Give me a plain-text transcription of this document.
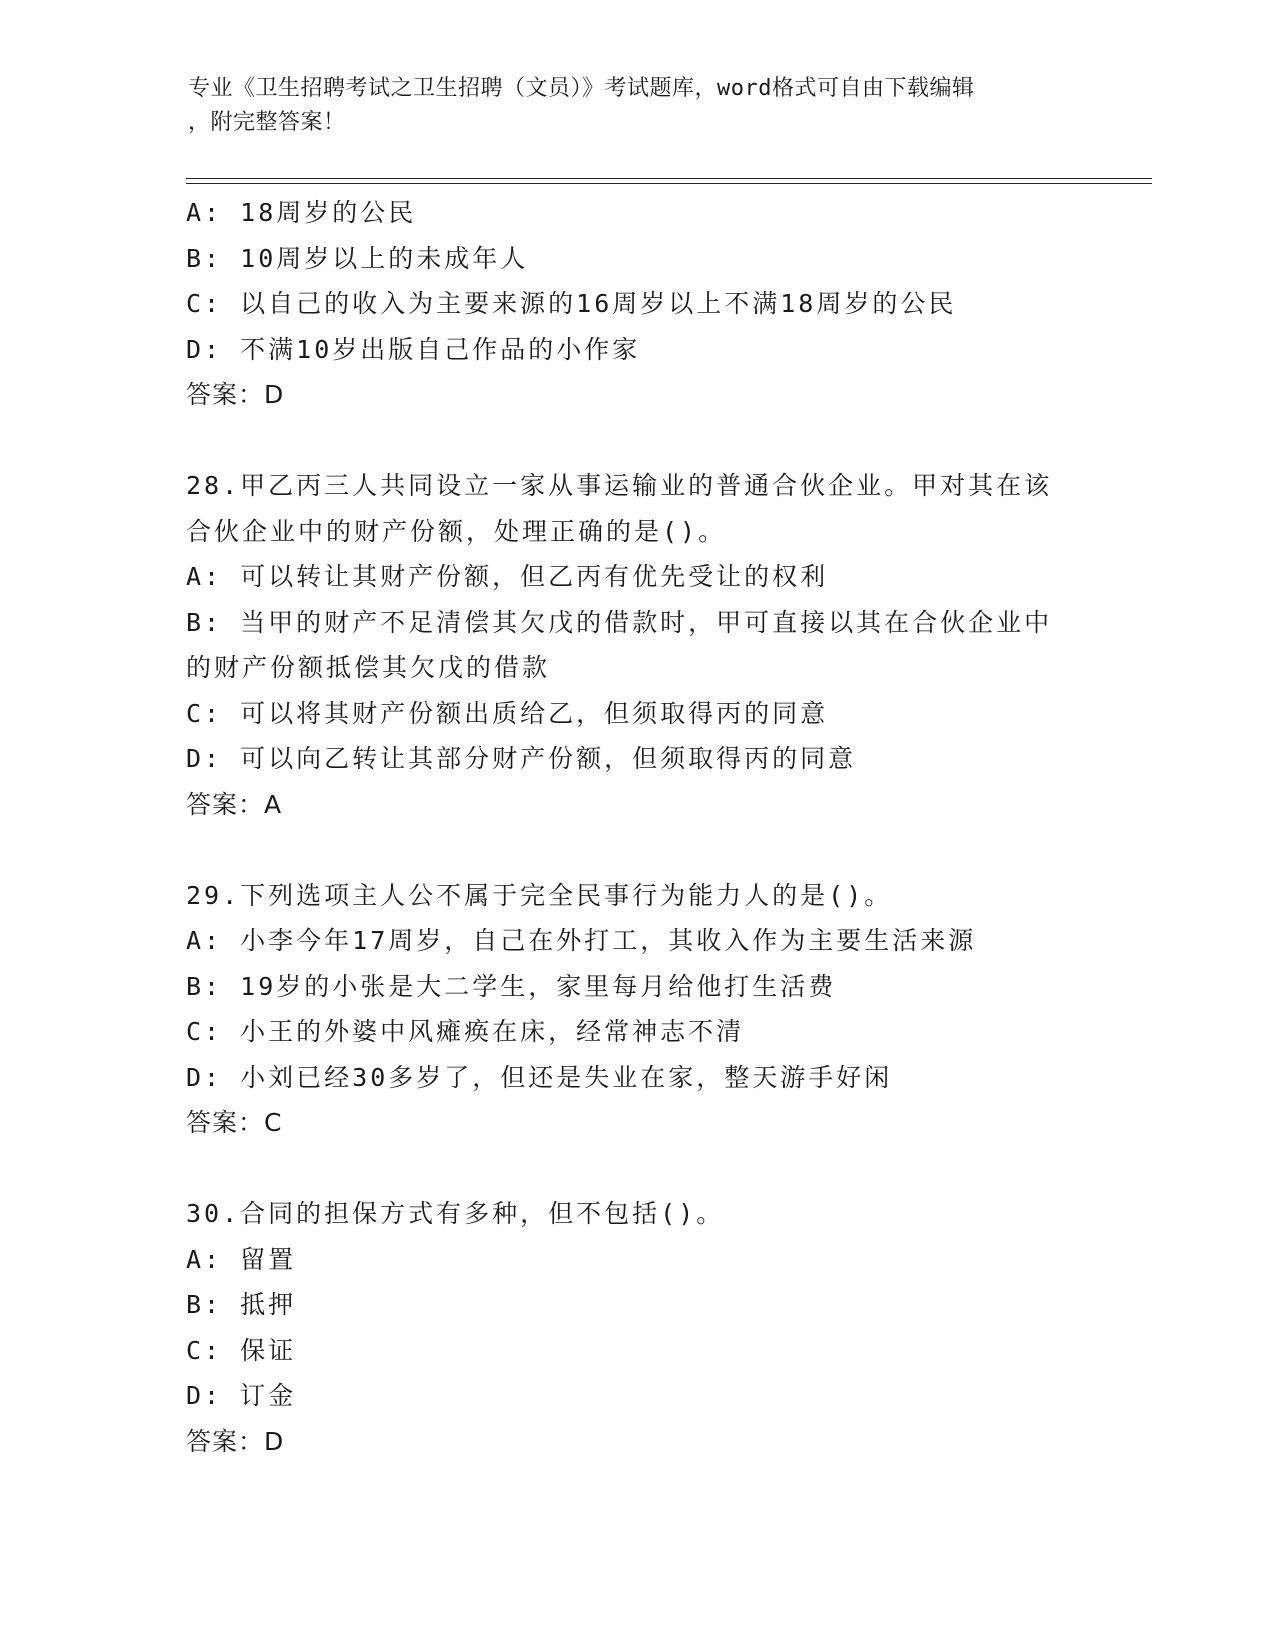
专业《卫生招聘考试之卫生招聘（文员）》考试题库，word格式可自由下载编辑
，附完整答案！
A: 18周岁的公民
B: 10周岁以上的未成年人
C: 以自己的收入为主要来源的16周岁以上不满18周岁的公民
D: 不满10岁出版自己作品的小作家
答案：D
28.甲乙丙三人共同设立一家从事运输业的普通合伙企业。甲对其在该
合伙企业中的财产份额，处理正确的是()。
A: 可以转让其财产份额，但乙丙有优先受让的权利
B: 当甲的财产不足清偿其欠戊的借款时，甲可直接以其在合伙企业中
的财产份额抵偿其欠戊的借款
C: 可以将其财产份额出质给乙，但须取得丙的同意
D: 可以向乙转让其部分财产份额，但须取得丙的同意
答案：A
29.下列选项主人公不属于完全民事行为能力人的是()。
A: 小李今年17周岁，自己在外打工，其收入作为主要生活来源
B: 19岁的小张是大二学生，家里每月给他打生活费
C: 小王的外婆中风瘫痪在床，经常神志不清
D: 小刘已经30多岁了，但还是失业在家，整天游手好闲
答案：C
30.合同的担保方式有多种，但不包括()。
A: 留置
B: 抵押
C: 保证
D: 订金
答案：D
